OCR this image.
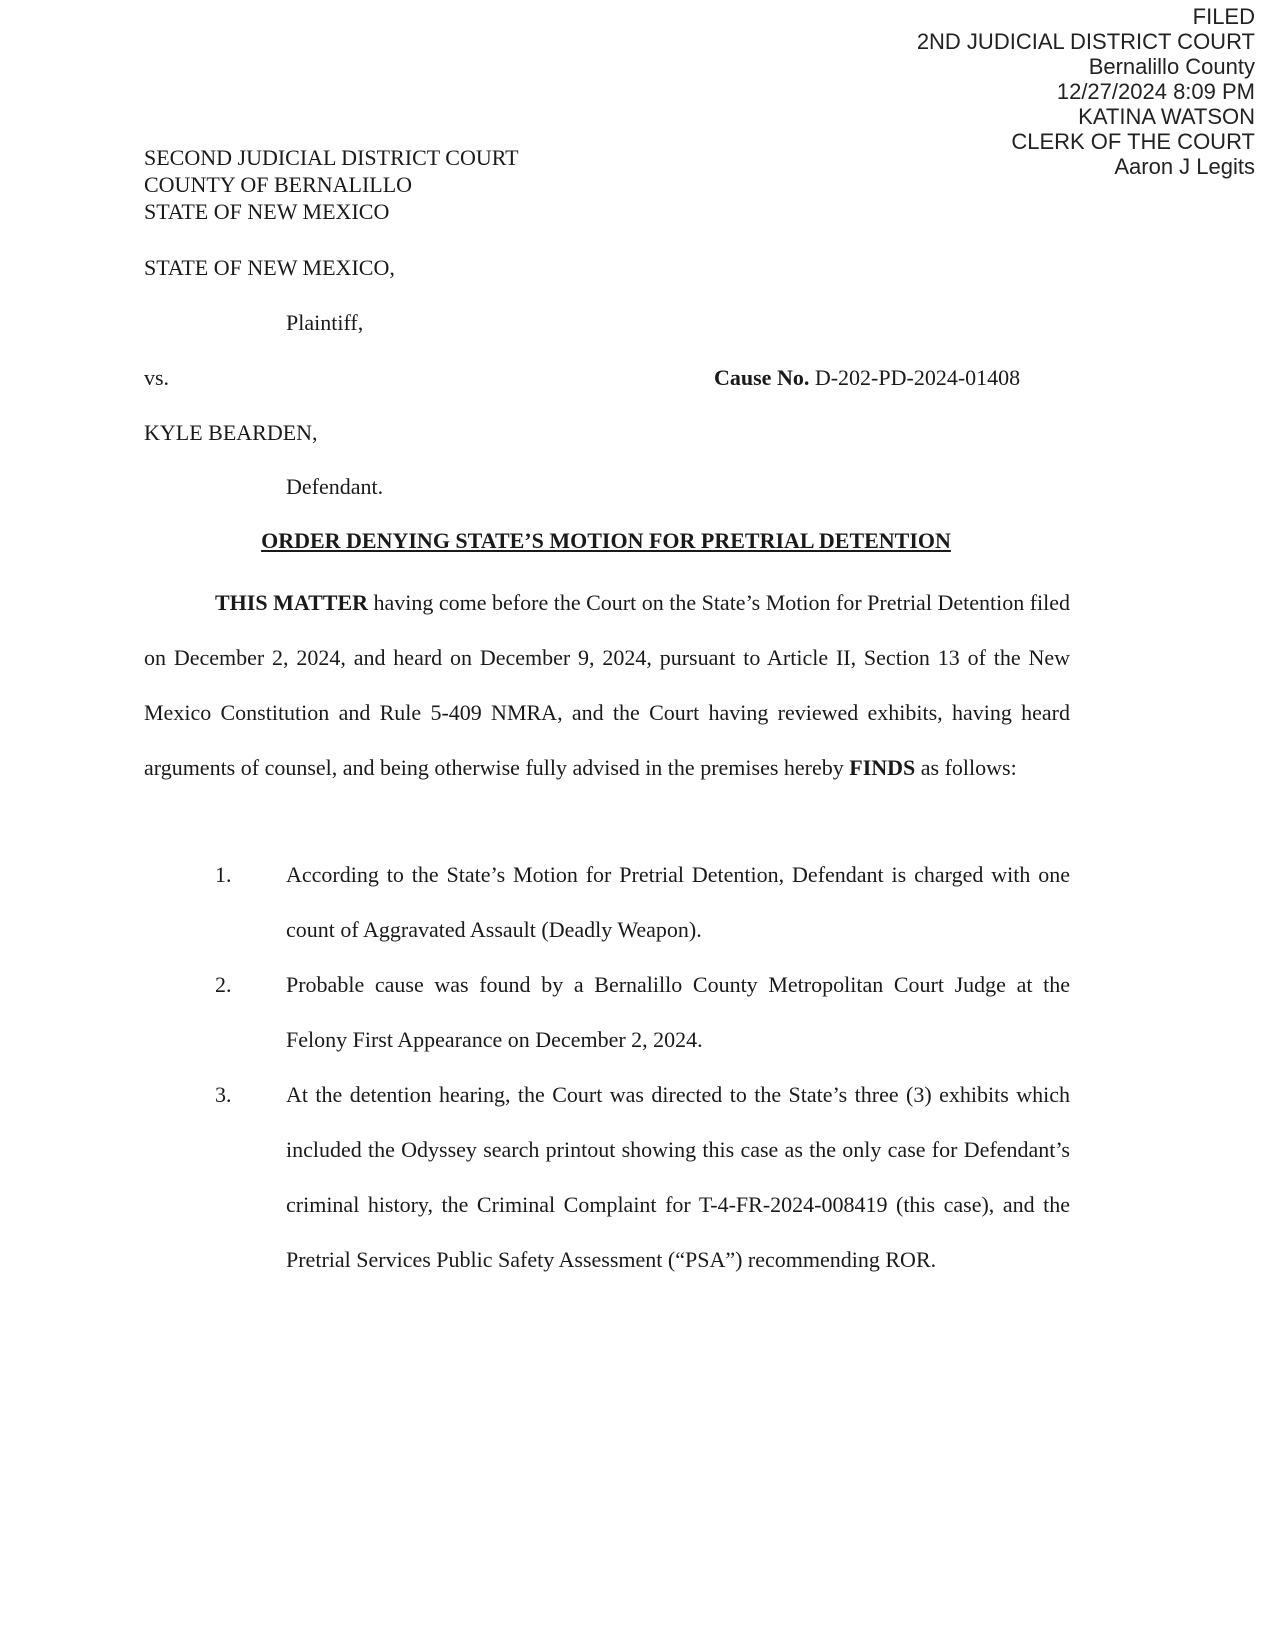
FILED
2ND JUDICIAL DISTRICT COURT
Bernalillo County
12/27/2024 8:09 PM
KATINA WATSON
CLERK OF THE COURT
Aaron J Legits
SECOND JUDICIAL DISTRICT COURT
COUNTY OF BERNALILLO
STATE OF NEW MEXICO
STATE OF NEW MEXICO,
Plaintiff,
vs.	Cause No. D-202-PD-2024-01408
KYLE BEARDEN,
Defendant.
ORDER DENYING STATE’S MOTION FOR PRETRIAL DETENTION
THIS MATTER having come before the Court on the State’s Motion for Pretrial Detention filed on December 2, 2024, and heard on December 9, 2024, pursuant to Article II, Section 13 of the New Mexico Constitution and Rule 5-409 NMRA, and the Court having reviewed exhibits, having heard arguments of counsel, and being otherwise fully advised in the premises hereby FINDS as follows:
1. According to the State’s Motion for Pretrial Detention, Defendant is charged with one count of Aggravated Assault (Deadly Weapon).
2. Probable cause was found by a Bernalillo County Metropolitan Court Judge at the Felony First Appearance on December 2, 2024.
3. At the detention hearing, the Court was directed to the State’s three (3) exhibits which included the Odyssey search printout showing this case as the only case for Defendant’s criminal history, the Criminal Complaint for T-4-FR-2024-008419 (this case), and the Pretrial Services Public Safety Assessment (“PSA”) recommending ROR.
